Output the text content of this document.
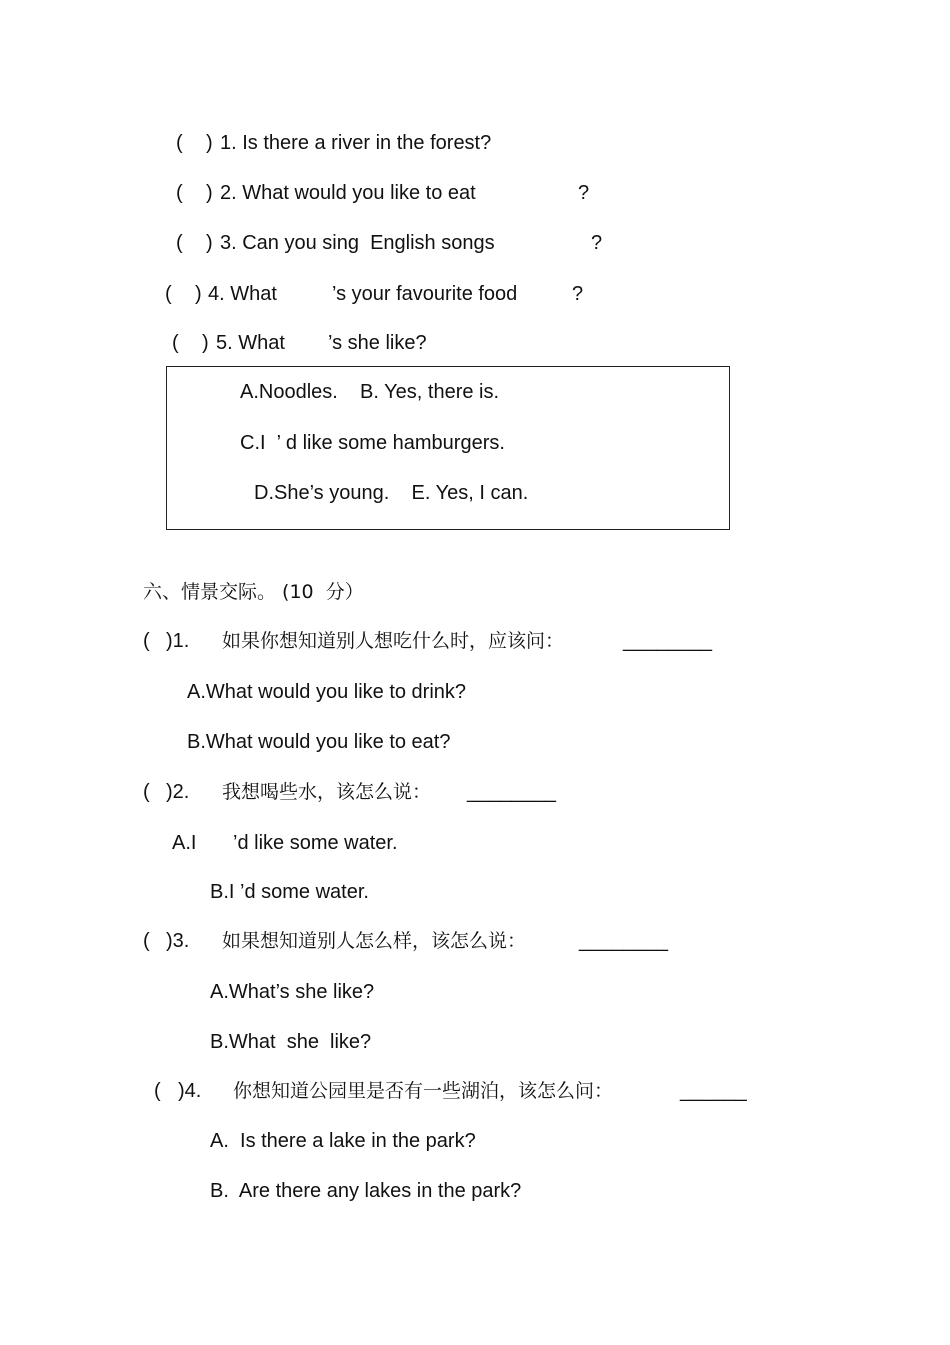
( ) 1. Is there a river in the forest?
( ) 2. What would you like to eat	?
( ) 3. Can you sing  English songs	?
( ) 4. What	’s your favourite food	?
( ) 5. What ’s she like?
A.Noodles.    B. Yes, there is.
C.I  ’ d like some hamburgers.
D.She’s young.    E. Yes, I can.
六、情景交际。 (10  分）
( )1. 如果你想知道别人想吃什么时，应该问：	________
A.What would you like to drink?
B.What would you like to eat?
( )2. 我想喝些水，该怎么说： ________
A.I ’d like some water.
B.I ’d some water.
( )3. 如果想知道别人怎么样，该怎么说：	________
A.What’s she like?
B.What  she  like?
( )4. 你想知道公园里是否有一些湖泊，该怎么问：	______
A.  Is there a lake in the park?
B.  Are there any lakes in the park?
